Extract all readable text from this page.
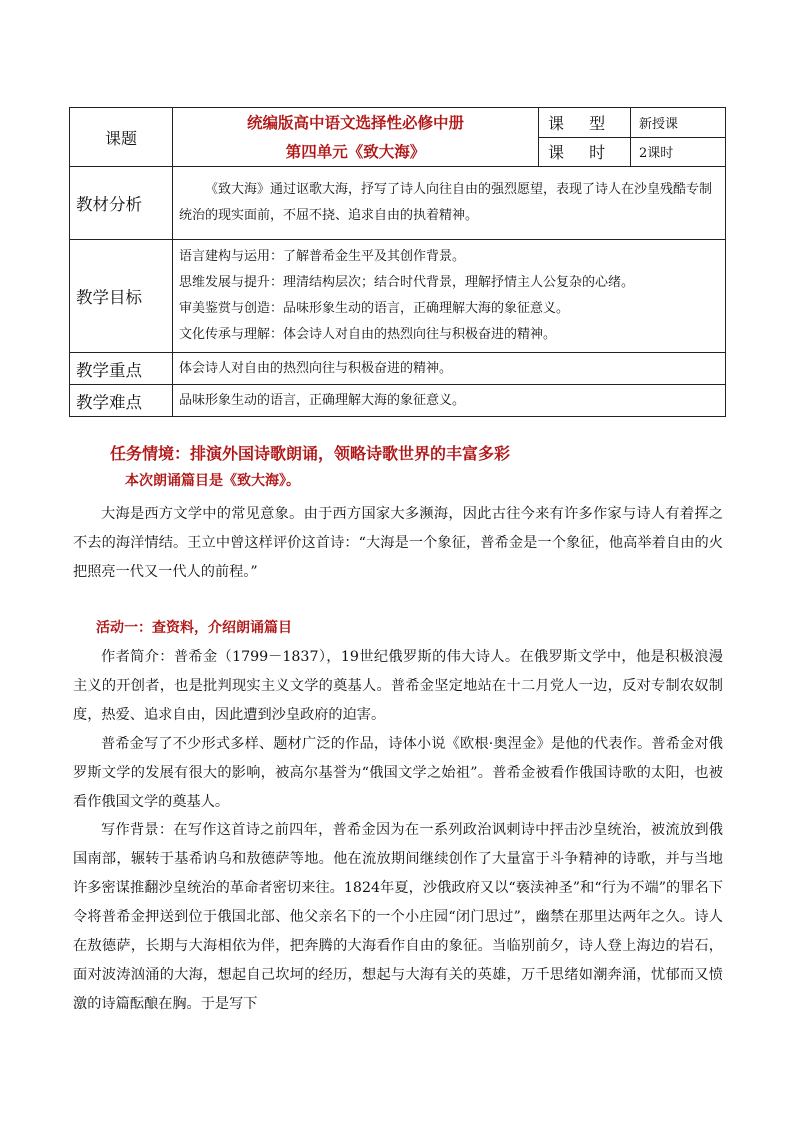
课题	统编版高中语文选择性必修中册
第四单元《致大海》	课 型	新授课
		课 时	2课时
教材分析	《致大海》通过讴歌大海，抒写了诗人向往自由的强烈愿望，表现了诗人在沙皇残酷专制统治的现实面前，不屈不挠、追求自由的执着精神。		
教学目标	语言建构与运用：了解普希金生平及其创作背景。
思维发展与提升：理清结构层次；结合时代背景，理解抒情主人公复杂的心绪。
审美鉴赏与创造：品味形象生动的语言，正确理解大海的象征意义。
文化传承与理解：体会诗人对自由的热烈向往与积极奋进的精神。		

教学重点	体会诗人对自由的热烈向往与积极奋进的精神。		
教学难点	品味形象生动的语言，正确理解大海的象征意义。		
任务情境：排演外国诗歌朗诵，领略诗歌世界的丰富多彩
本次朗诵篇目是《致大海》。
大海是西方文学中的常见意象。由于西方国家大多濒海，因此古往今来有许多作家与诗人有着挥之不去的海洋情结。王立中曾这样评价这首诗：“大海是一个象征，普希金是一个象征，他高举着自由的火把照亮一代又一代人的前程。”
活动一：查资料，介绍朗诵篇目
作者简介：普希金（1799－1837），19世纪俄罗斯的伟大诗人。在俄罗斯文学中，他是积极浪漫主义的开创者，也是批判现实主义文学的奠基人。普希金坚定地站在十二月党人一边，反对专制农奴制度，热爱、追求自由，因此遭到沙皇政府的迫害。
普希金写了不少形式多样、题材广泛的作品，诗体小说《欧根·奥涅金》是他的代表作。普希金对俄罗斯文学的发展有很大的影响，被高尔基誉为“俄国文学之始祖”。普希金被看作俄国诗歌的太阳，也被看作俄国文学的奠基人。
写作背景：在写作这首诗之前四年，普希金因为在一系列政治讽刺诗中抨击沙皇统治，被流放到俄国南部，辗转于基希讷乌和敖德萨等地。他在流放期间继续创作了大量富于斗争精神的诗歌，并与当地许多密谋推翻沙皇统治的革命者密切来往。1824年夏，沙俄政府又以“亵渎神圣”和“行为不端”的罪名下令将普希金押送到位于俄国北部、他父亲名下的一个小庄园“闭门思过”，幽禁在那里达两年之久。诗人在敖德萨，长期与大海相依为伴，把奔腾的大海看作自由的象征。当临别前夕，诗人登上海边的岩石，面对波涛汹涌的大海，想起自己坎坷的经历，想起与大海有关的英雄，万千思绪如潮奔涌，忧郁而又愤激的诗篇酝酿在胸。于是写下
